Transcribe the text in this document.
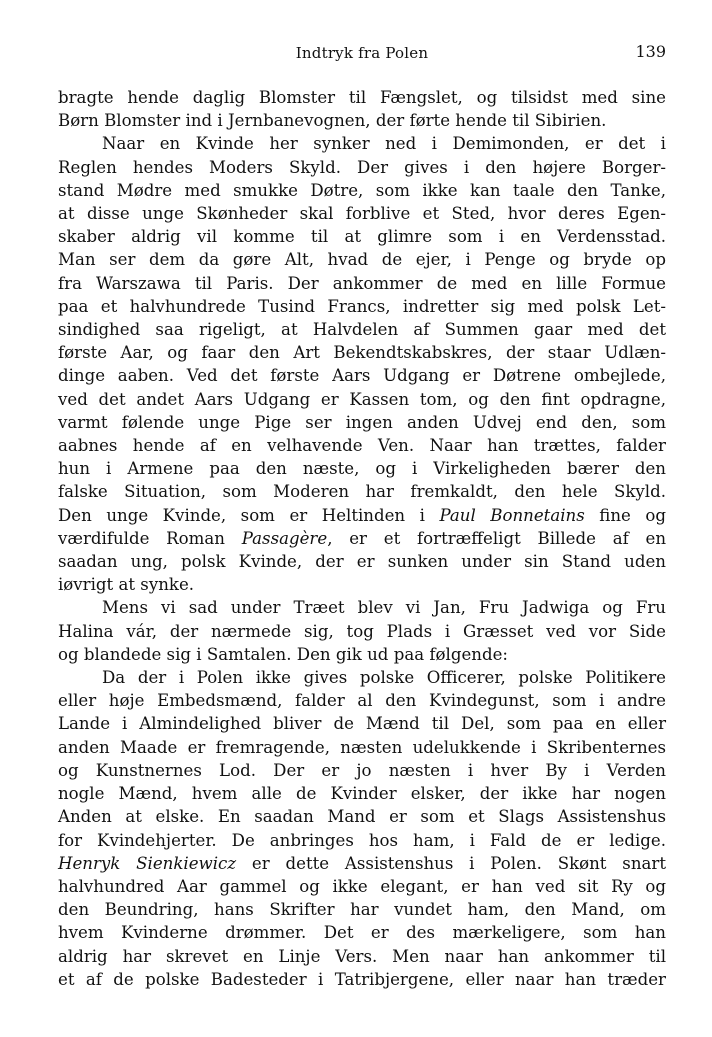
Indtryk fra Polen	139

bragte hende daglig Blomster til Fængslet, og tilsidst med sine
Børn Blomster ind i Jernbanevognen, der førte hende til Sibirien.

Naar en Kvinde her synker ned i Demimonden, er det i
Reglen hendes Moders Skyld. Der gives i den højere Borger-
stand Mødre med smukke Døtre, som ikke kan taale den Tanke,
at disse unge Skønheder skal forblive et Sted, hvor deres Egen-
skaber aldrig vil komme til at glimre som i en Verdensstad.
Man ser dem da gøre Alt, hvad de ejer, i Penge og bryde op
fra Warszawa til Paris. Der ankommer de med en lille Formue
paa et halvhundrede Tusind Francs, indretter sig med polsk Let-
sindighed saa rigeligt, at Halvdelen af Summen gaar med det
første Aar, og faar den Art Bekendtskabskres, der staar Udlæn-
dinge aaben. Ved det første Aars Udgang er Døtrene ombejlede,
ved det andet Aars Udgang er Kassen tom, og den fint opdragne,
varmt følende unge Pige ser ingen anden Udvej end den, som
aabnes hende af en velhavende Ven. Naar han trættes, falder
hun i Armene paa den næste, og i Virkeligheden bærer den
falske Situation, som Moderen har fremkaldt, den hele Skyld.
Den unge Kvinde, som er Heltinden i Paul Bonnetains fine og
værdifulde Roman Passagère, er et fortræffeligt Billede af en
saadan ung, polsk Kvinde, der er sunken under sin Stand uden
iøvrigt at synke.

Mens vi sad under Træet blev vi Jan, Fru Jadwiga og Fru
Halina vár, der nærmede sig, tog Plads i Græsset ved vor Side
og blandede sig i Samtalen. Den gik ud paa følgende:

Da der i Polen ikke gives polske Officerer, polske Politikere
eller høje Embedsmænd, falder al den Kvindegunst, som i andre
Lande i Almindelighed bliver de Mænd til Del, som paa en eller
anden Maade er fremragende, næsten udelukkende i Skribenternes
og Kunstnernes Lod. Der er jo næsten i hver By i Verden
nogle Mænd, hvem alle de Kvinder elsker, der ikke har nogen
Anden at elske. En saadan Mand er som et Slags Assistenshus
for Kvindehjerter. De anbringes hos ham, i Fald de er ledige.
Henryk Sienkiewicz er dette Assistenshus i Polen. Skønt snart
halvhundred Aar gammel og ikke elegant, er han ved sit Ry og
den Beundring, hans Skrifter har vundet ham, den Mand, om
hvem Kvinderne drømmer. Det er des mærkeligere, som han
aldrig har skrevet en Linje Vers. Men naar han ankommer til
et af de polske Badesteder i Tatribjergene, eller naar han træder
